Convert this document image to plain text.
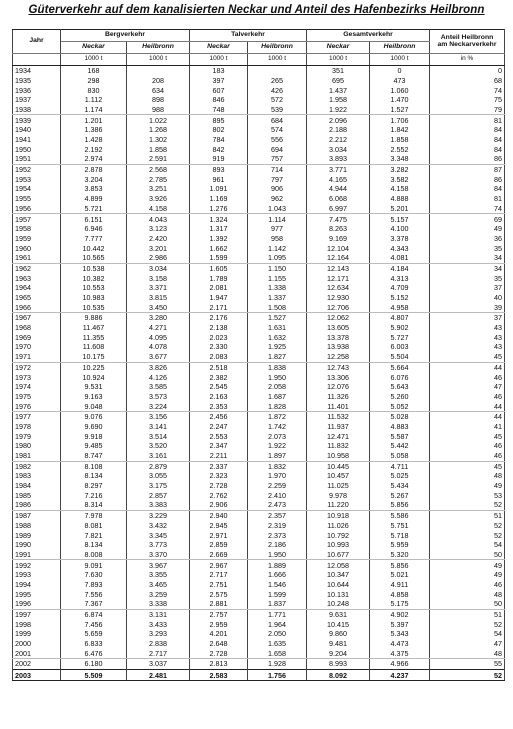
Güterverkehr auf dem kanalisierten Neckar und Anteil des Hafenbezirks Heilbronn
Jahr	Bergverkehr		Talverkehr		Gesamtverkehr		Anteil Heilbronn
am Neckarverkehr

	Neckar	Heilbronn	Neckar	Heilbronn	Neckar	Heilbronn	
	1000 t	1000 t	1000 t	1000 t	1000 t	1000 t	in %
1934	168		183		351	0	0
1935	298	208	397	265	695	473	68
1936	830	634	607	426	1.437	1.060	74
1937	1.112	898	846	572	1.958	1.470	75
1938	1.174	988	748	539	1.922	1.527	79
1939	1.201	1.022	895	684	2.096	1.706	81
1940	1.386	1.268	802	574	2.188	1.842	84
1941	1.428	1.302	784	556	2.212	1.858	84
1950	2.192	1.858	842	694	3.034	2.552	84
1951	2.974	2.591	919	757	3.893	3.348	86
1952	2.878	2.568	893	714	3.771	3.282	87
1953	3.204	2.785	961	797	4.165	3.582	86
1954	3.853	3.251	1.091	906	4.944	4.158	84
1955	4.899	3.926	1.169	962	6.068	4.888	81
1956	5.721	4.158	1.276	1.043	6.997	5.201	74
1957	6.151	4.043	1.324	1.114	7.475	5.157	69
1958	6.946	3.123	1.317	977	8.263	4.100	49
1959	7.777	2.420	1.392	958	9.169	3.378	36
1960	10.442	3.201	1.662	1.142	12.104	4.343	35
1961	10.565	2.986	1.599	1.095	12.164	4.081	34
1962	10.538	3.034	1.605	1.150	12.143	4.184	34
1963	10.382	3.158	1.789	1.155	12.171	4.313	35
1964	10.553	3.371	2.081	1.338	12.634	4.709	37
1965	10.983	3.815	1.947	1.337	12.930	5.152	40
1966	10.535	3.450	2.171	1.508	12.706	4.958	39
1967	9.886	3.280	2.176	1.527	12.062	4.807	37
1968	11.467	4.271	2.138	1.631	13.605	5.902	43
1969	11.355	4.095	2.023	1.632	13.378	5.727	43
1970	11.608	4.078	2.330	1.925	13.938	6.003	43
1971	10.175	3.677	2.083	1.827	12.258	5.504	45
1972	10.225	3.826	2.518	1.838	12.743	5.664	44
1973	10.924	4.126	2.382	1.950	13.306	6.076	46
1974	9.531	3.585	2.545	2.058	12.076	5.643	47
1975	9.163	3.573	2.163	1.687	11.326	5.260	46
1976	9.048	3.224	2.353	1.828	11.401	5.052	44
1977	9.076	3.156	2.456	1.872	11.532	5.028	44
1978	9.690	3.141	2.247	1.742	11.937	4.883	41
1979	9.918	3.514	2.553	2.073	12.471	5.587	45
1980	9.485	3.520	2.347	1.922	11.832	5.442	46
1981	8.747	3.161	2.211	1.897	10.958	5.058	46
1982	8.108	2.879	2.337	1.832	10.445	4.711	45
1983	8.134	3.055	2.323	1.970	10.457	5.025	48
1984	8.297	3.175	2.728	2.259	11.025	5.434	49
1985	7.216	2.857	2.762	2.410	9.978	5.267	53
1986	8.314	3.383	2.906	2.473	11.220	5.856	52
1987	7.978	3.229	2.940	2.357	10.918	5.586	51
1988	8.081	3.432	2.945	2.319	11.026	5.751	52
1989	7.821	3.345	2.971	2.373	10.792	5.718	52
1990	8.134	3.773	2.859	2.186	10.993	5.959	54
1991	8.008	3.370	2.669	1.950	10.677	5.320	50
1992	9.091	3.967	2.967	1.889	12.058	5.856	49
1993	7.630	3.355	2.717	1.666	10.347	5.021	49
1994	7.893	3.465	2.751	1.546	10.644	4.911	46
1995	7.556	3.259	2.575	1.599	10.131	4.858	48
1996	7.367	3.338	2.881	1.837	10.248	5.175	50
1997	6.874	3.131	2.757	1.771	9.631	4.902	51
1998	7.456	3.433	2.959	1.964	10.415	5.397	52
1999	5.659	3.293	4.201	2.050	9.860	5.343	54
2000	6.833	2.838	2.648	1.635	9.481	4.473	47
2001	6.476	2.717	2.728	1.658	9.204	4.375	48
2002	6.180	3.037	2.813	1.928	8.993	4.966	55
2003	5.509	2.481	2.583	1.756	8.092	4.237	52
